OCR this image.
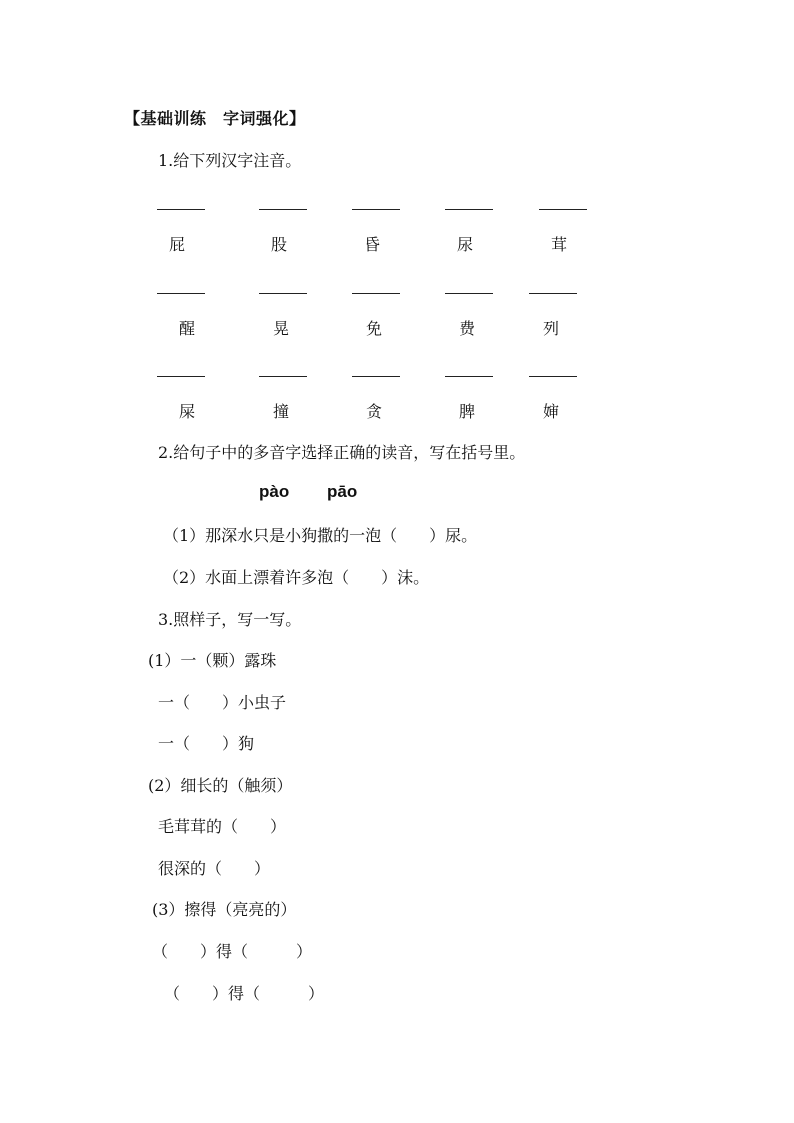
【基础训练　字词强化】
1.给下列汉字注音。
屁	股	昏	尿	茸
醒	晃	免	费	列
屎	撞	贪	脾	婶
2.给句子中的多音字选择正确的读音，写在括号里。
pào pāo
（1）那深水只是小狗撒的一泡（　　）尿。
（2）水面上漂着许多泡（　　）沫。
3.照样子，写一写。
(1）一（颗）露珠
一（　　）小虫子
一（　　）狗
(2）细长的（触须）
毛茸茸的（　　）
很深的（　　）
(3）擦得（亮亮的）
（　　）得（　　　）
（　　）得（　　　）
